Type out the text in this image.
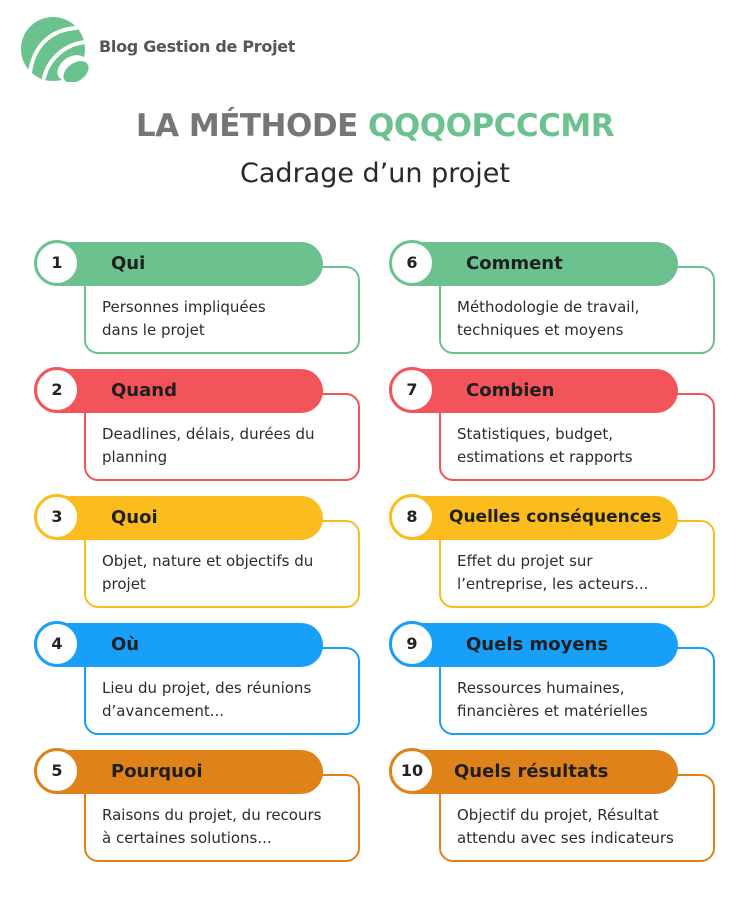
Blog Gestion de Projet
LA MÉTHODE QQQOPCCCMR
Cadrage d’un projet
Qui
1
Personnes impliquées
dans le projet
Quand
2
Deadlines, délais, durées du
planning
Quoi
3
Objet, nature et objectifs du
projet
Où
4
Lieu du projet, des réunions
d’avancement...
Pourquoi
5
Raisons du projet, du recours
à certaines solutions...
Comment
6
Méthodologie de travail,
techniques et moyens
Combien
7
Statistiques, budget,
estimations et rapports
Quelles conséquences
8
Effet du projet sur
l’entreprise, les acteurs...
Quels moyens
9
Ressources humaines,
financières et matérielles
Quels résultats
10
Objectif du projet, Résultat
attendu avec ses indicateurs
